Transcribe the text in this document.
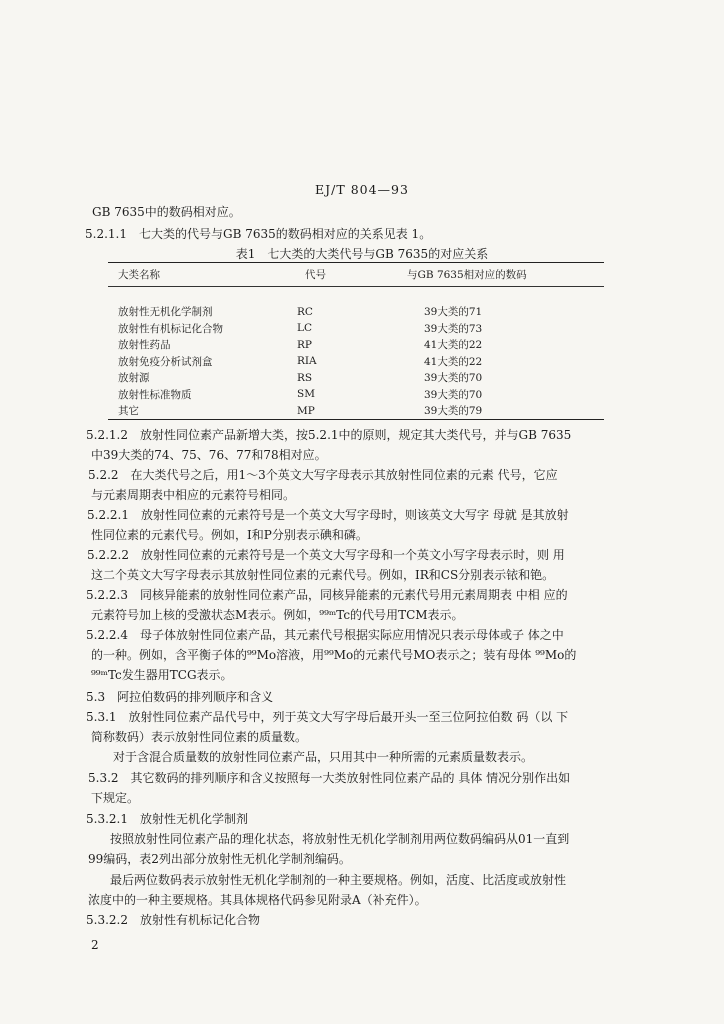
EJ/T 804—93
GB 7635中的数码相对应。
5.2.1.1　七大类的代号与GB 7635的数码相对应的关系见表 1。
表1　七大类的大类代号与GB 7635的对应关系
大类名称	代号	与GB 7635相对应的数码

放射性无机化学制剂	RC	39大类的71
放射性有机标记化合物	LC	39大类的73
放射性药品	RP	41大类的22
放射免疫分析试剂盒	RIA	41大类的22
放射源	RS	39大类的70
放射性标准物质	SM	39大类的70
其它	MP	39大类的79
5.2.1.2　放射性同位素产品新增大类，按5.2.1中的原则，规定其大类代号，并与GB 7635
中39大类的74、75、76、77和78相对应。
5.2.2　在大类代号之后，用1～3个英文大写字母表示其放射性同位素的元素 代号，它应
与元素周期表中相应的元素符号相同。
5.2.2.1　放射性同位素的元素符号是一个英文大写字母时，则该英文大写字 母就 是其放射
性同位素的元素代号。例如，I和P分别表示碘和磷。
5.2.2.2　放射性同位素的元素符号是一个英文大写字母和一个英文小写字母表示时，则 用
这二个英文大写字母表示其放射性同位素的元素代号。例如，IR和CS分别表示铱和铯。
5.2.2.3　同核异能素的放射性同位素产品，同核异能素的元素代号用元素周期表 中相 应的
元素符号加上核的受激状态M表示。例如，⁹⁹ᵐTc的代号用TCM表示。
5.2.2.4　母子体放射性同位素产品，其元素代号根据实际应用情况只表示母体或子 体之中
的一种。例如，含平衡子体的⁹⁹Mo溶液，用⁹⁹Mo的元素代号MO表示之；装有母体 ⁹⁹Mo的
⁹⁹ᵐTc发生器用TCG表示。
5.3　阿拉伯数码的排列顺序和含义
5.3.1　放射性同位素产品代号中，列于英文大写字母后最开头一至三位阿拉伯数 码（以 下
简称数码）表示放射性同位素的质量数。
对于含混合质量数的放射性同位素产品，只用其中一种所需的元素质量数表示。
5.3.2　其它数码的排列顺序和含义按照每一大类放射性同位素产品的 具体 情况分别作出如
下规定。
5.3.2.1　放射性无机化学制剂
按照放射性同位素产品的理化状态，将放射性无机化学制剂用两位数码编码从01一直到
99编码，表2列出部分放射性无机化学制剂编码。
最后两位数码表示放射性无机化学制剂的一种主要规格。例如，活度、比活度或放射性
浓度中的一种主要规格。其具体规格代码参见附录A（补充件）。
5.3.2.2　放射性有机标记化合物
2
